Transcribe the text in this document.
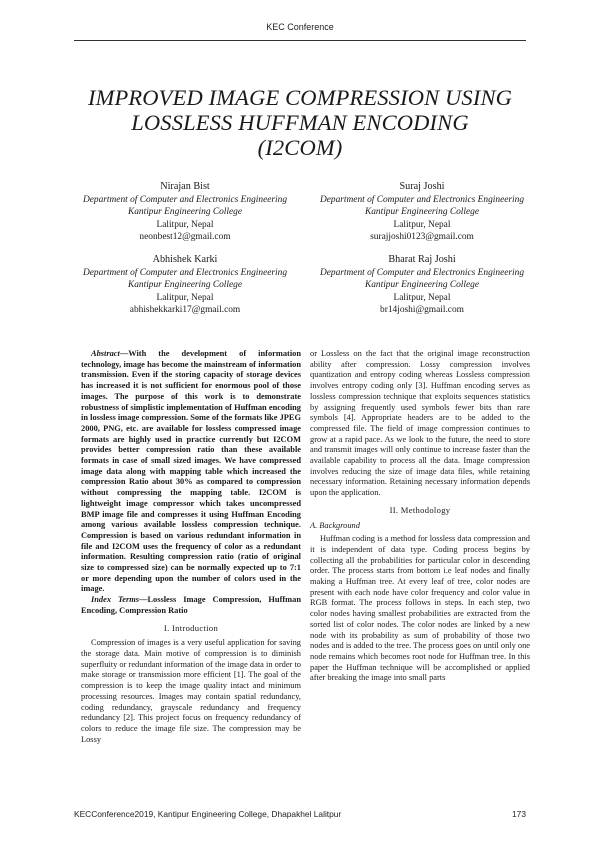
KEC Conference
IMPROVED IMAGE COMPRESSION USING
LOSSLESS HUFFMAN ENCODING
(I2COM)
Nirajan Bist
Department of Computer and Electronics Engineering
Kantipur Engineering College
Lalitpur, Nepal
neonbest12@gmail.com
Suraj Joshi
Department of Computer and Electronics Engineering
Kantipur Engineering College
Lalitpur, Nepal
surajjoshi0123@gmail.com
Abhishek Karki
Department of Computer and Electronics Engineering
Kantipur Engineering College
Lalitpur, Nepal
abhishekkarki17@gmail.com
Bharat Raj Joshi
Department of Computer and Electronics Engineering
Kantipur Engineering College
Lalitpur, Nepal
br14joshi@gmail.com

Abstract—With the development of information technology, image has become the mainstream of information transmission. Even if the storing capacity of storage devices has increased it is not sufficient for enormous pool of those images. The purpose of this work is to demonstrate robustness of simplistic implementation of Huffman encoding in lossless image compression. Some of the formats like JPEG 2000, PNG, etc. are available for lossless compressed image formats are highly used in practice currently but I2COM provides better compression ratio than these available formats in case of small sized images. We have compressed image data along with mapping table which increased the compression Ratio about 30% as compared to compression without compressing the mapping table. I2COM is lightweight image compressor which takes uncompressed BMP image file and compresses it using Huffman Encoding among various available lossless compression technique. Compression is based on various redundant information in file and I2COM uses the frequency of color as a redundant information. Resulting compression ratio (ratio of original size to compressed size) can be normally expected up to 7:1 or more depending upon the number of colors used in the image.

Index Terms—Lossless Image Compression, Huffman Encoding, Compression Ratio

I. Introduction

Compression of images is a very useful application for saving the storage data. Main motive of compression is to diminish superfluity or redundant information of the image data in order to make storage or transmission more efficient [1]. The goal of the compression is to keep the image quality intact and minimum processing resources. Images may contain spatial redundancy, coding redundancy, grayscale redundancy and frequency redundancy [2]. This project focus on frequency redundancy of colors to reduce the image file size. The compression may be Lossy

or Lossless on the fact that the original image reconstruction ability after compression. Lossy compression involves quantization and entropy coding whereas Lossless compression involves entropy coding only [3]. Huffman encoding serves as lossless compression technique that exploits sequences statistics by assigning frequently used symbols fewer bits than rare symbols [4]. Appropriate headers are to be added to the compressed file. The field of image compression continues to grow at a rapid pace. As we look to the future, the need to store and transmit images will only continue to increase faster than the available capability to process all the data. Image compression involves reducing the size of image data files, while retaining necessary information. Retaining necessary information depends upon the application.

II. Methodology
A. Background

Huffman coding is a method for lossless data compression and it is independent of data type. Coding process begins by collecting all the probabilities for particular color in descending order. The process starts from bottom i.e leaf nodes and finally making a Huffman tree. At every leaf of tree, color nodes are present with each node have color frequency and color value in RGB format. The process follows in steps. In each step, two color nodes having smallest probabilities are extracted from the sorted list of color nodes. The color nodes are linked by a new node with its probability as sum of probability of those two nodes and is added to the tree. The process goes on until only one node remains which becomes root node for Huffman tree. In this paper the Huffman technique will be accomplished or applied after breaking the image into small parts

KECConference2019, Kantipur Engineering College, Dhapakhel Lalitpur	173
